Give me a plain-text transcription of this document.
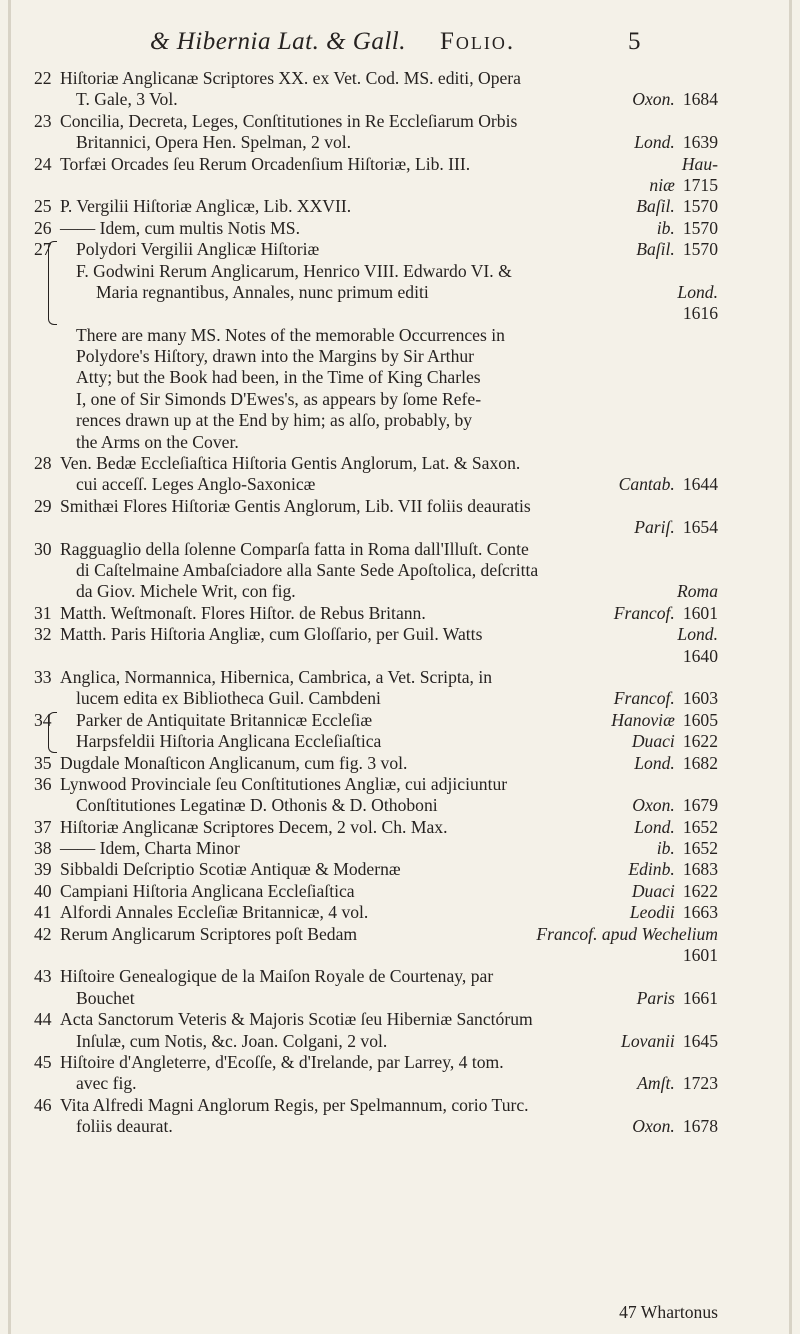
& Hibernia Lat. & Gall. Folio.	5
22 Hiſtoriæ Anglicanæ Scriptores XX. ex Vet. Cod. MS. editi, Opera
T. Gale, 3 Vol.	Oxon. 1684
23 Concilia, Decreta, Leges, Conſtitutiones in Re Eccleſiarum Orbis
Britannici, Opera Hen. Spelman, 2 vol.	Lond. 1639
24 Torfæi Orcades ſeu Rerum Orcadenſium Hiſtoriæ, Lib. III.	Hau-
niæ 1715
25 P. Vergilii Hiſtoriæ Anglicæ, Lib. XXVII.	Baſil. 1570
26 —— Idem, cum multis Notis MS.	ib. 1570
27	Polydori Vergilii Anglicæ Hiſtoriæ	Baſil. 1570
F. Godwini Rerum Anglicarum, Henrico VIII. Edwardo VI. &
Maria regnantibus, Annales, nunc primum editi	Lond.
1616
There are many MS. Notes of the memorable Occurrences in
Polydore's Hiſtory, drawn into the Margins by Sir Arthur
Atty; but the Book had been, in the Time of King Charles
I, one of Sir Simonds D'Ewes's, as appears by ſome Refe-
rences drawn up at the End by him; as alſo, probably, by
the Arms on the Cover.
28 Ven. Bedæ Eccleſiaſtica Hiſtoria Gentis Anglorum, Lat. & Saxon.
cui acceſſ. Leges Anglo-Saxonicæ	Cantab. 1644
29 Smithæi Flores Hiſtoriæ Gentis Anglorum, Lib. VII foliis deauratis
Pariſ. 1654
30 Ragguaglio della ſolenne Comparſa fatta in Roma dall'Illuſt. Conte
di Caſtelmaine Ambaſciadore alla Sante Sede Apoſtolica, deſcritta
da Giov. Michele Writ, con fig.	Roma
31 Matth. Weſtmonaſt. Flores Hiſtor. de Rebus Britann.	Francof. 1601
32 Matth. Paris Hiſtoria Angliæ, cum Gloſſario, per Guil. Watts	Lond.
1640
33 Anglica, Normannica, Hibernica, Cambrica, a Vet. Scripta, in
lucem edita ex Bibliotheca Guil. Cambdeni	Francof. 1603
34	Parker de Antiquitate Britannicæ Eccleſiæ	Hanoviæ 1605
Harpsfeldii Hiſtoria Anglicana Eccleſiaſtica	Duaci 1622
35 Dugdale Monaſticon Anglicanum, cum fig. 3 vol.	Lond. 1682
36 Lynwood Provinciale ſeu Conſtitutiones Angliæ, cui adjiciuntur
Conſtitutiones Legatinæ D. Othonis & D. Othoboni	Oxon. 1679
37 Hiſtoriæ Anglicanæ Scriptores Decem, 2 vol. Ch. Max.	Lond. 1652
38 —— Idem, Charta Minor	ib. 1652
39 Sibbaldi Deſcriptio Scotiæ Antiquæ & Modernæ	Edinb. 1683
40 Campiani Hiſtoria Anglicana Eccleſiaſtica	Duaci 1622
41 Alfordi Annales Eccleſiæ Britannicæ, 4 vol.	Leodii 1663
42 Rerum Anglicarum Scriptores poſt Bedam	Francof. apud Wechelium
1601
43 Hiſtoire Genealogique de la Maiſon Royale de Courtenay, par
Bouchet	Paris 1661
44 Acta Sanctorum Veteris & Majoris Scotiæ ſeu Hiberniæ Sanctórum
Inſulæ, cum Notis, &c. Joan. Colgani, 2 vol.	Lovanii 1645
45 Hiſtoire d'Angleterre, d'Ecoſſe, & d'Irelande, par Larrey, 4 tom.
avec fig.	Amſt. 1723
46 Vita Alfredi Magni Anglorum Regis, per Spelmannum, corio Turc.
foliis deaurat.	Oxon. 1678
47 Whartonus
